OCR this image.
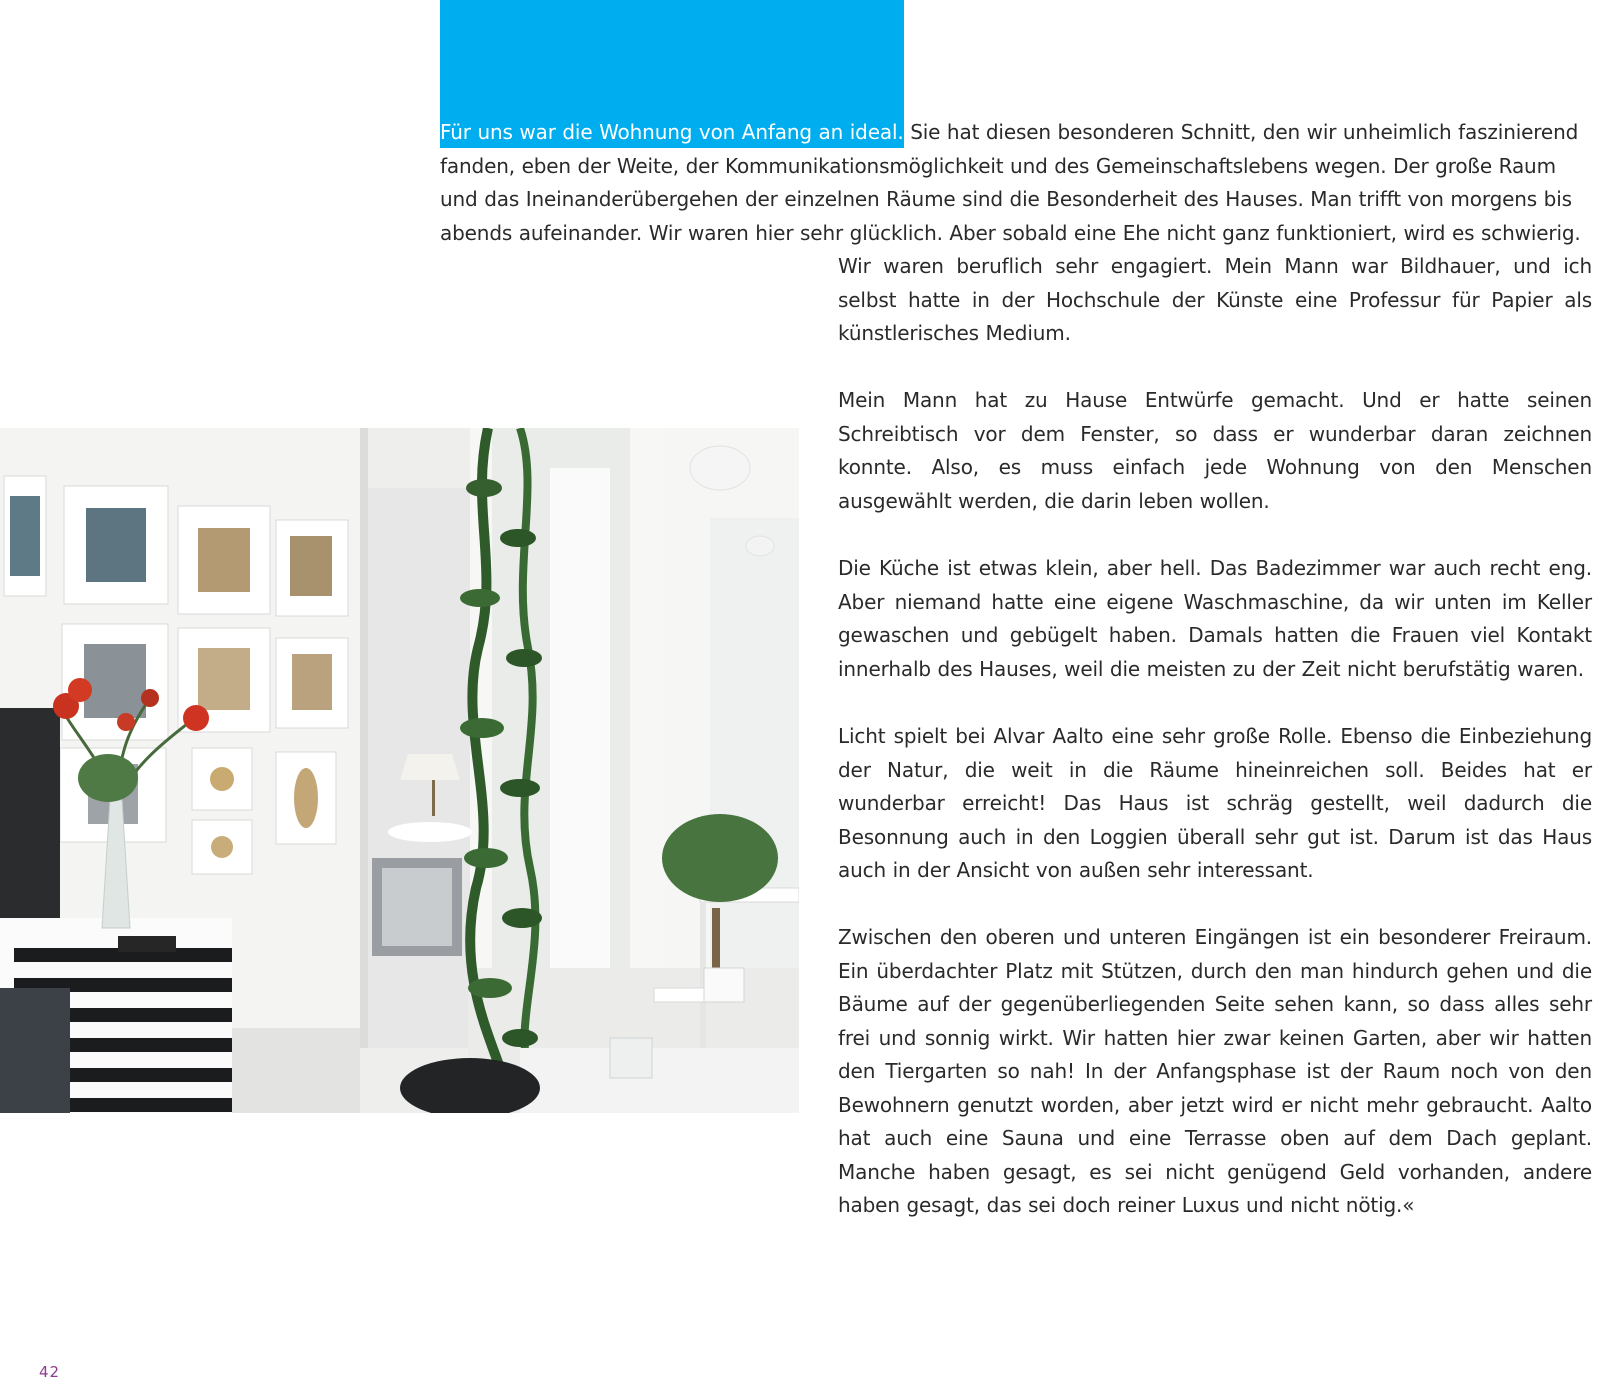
Für uns war die Wohnung von Anfang an ideal. Sie hat diesen besonderen Schnitt, den wir unheimlich faszinierend fanden, eben der Weite, der Kommunikationsmöglichkeit und des Gemeinschaftslebens wegen. Der große Raum und das Ineinanderübergehen der einzelnen Räume sind die Besonderheit des Hauses. Man trifft von morgens bis abends aufeinander. Wir waren hier sehr glücklich. Aber sobald eine Ehe nicht ganz funktioniert, wird es schwierig.

Wir waren beruflich sehr engagiert. Mein Mann war Bildhauer, und ich selbst hatte in der Hochschule der Künste eine Professur für Papier als künstlerisches Medium.

Mein Mann hat zu Hause Entwürfe gemacht. Und er hatte seinen Schreibtisch vor dem Fenster, so dass er wunderbar daran zeichnen konnte. Also, es muss einfach jede Wohnung von den Menschen ausgewählt werden, die darin leben wollen.

Die Küche ist etwas klein, aber hell. Das Badezimmer war auch recht eng. Aber niemand hatte eine eigene Waschmaschine, da wir unten im Keller gewaschen und gebügelt haben. Damals hatten die Frauen viel Kontakt innerhalb des Hauses, weil die meisten zu der Zeit nicht berufstätig waren.

Licht spielt bei Alvar Aalto eine sehr große Rolle. Ebenso die Einbeziehung der Natur, die weit in die Räume hineinreichen soll. Beides hat er wunderbar erreicht! Das Haus ist schräg gestellt, weil dadurch die Besonnung auch in den Loggien überall sehr gut ist. Darum ist das Haus auch in der Ansicht von außen sehr interessant.

Zwischen den oberen und unteren Eingängen ist ein besonderer Freiraum. Ein überdachter Platz mit Stützen, durch den man hindurch gehen und die Bäume auf der gegenüberliegenden Seite sehen kann, so dass alles sehr frei und sonnig wirkt. Wir hatten hier zwar keinen Garten, aber wir hatten den Tiergarten so nah! In der Anfangsphase ist der Raum noch von den Bewohnern genutzt worden, aber jetzt wird er nicht mehr gebraucht. Aalto hat auch eine Sauna und eine Terrasse oben auf dem Dach geplant. Manche haben gesagt, es sei nicht genügend Geld vorhanden, andere haben gesagt, das sei doch reiner Luxus und nicht nötig.«

42
